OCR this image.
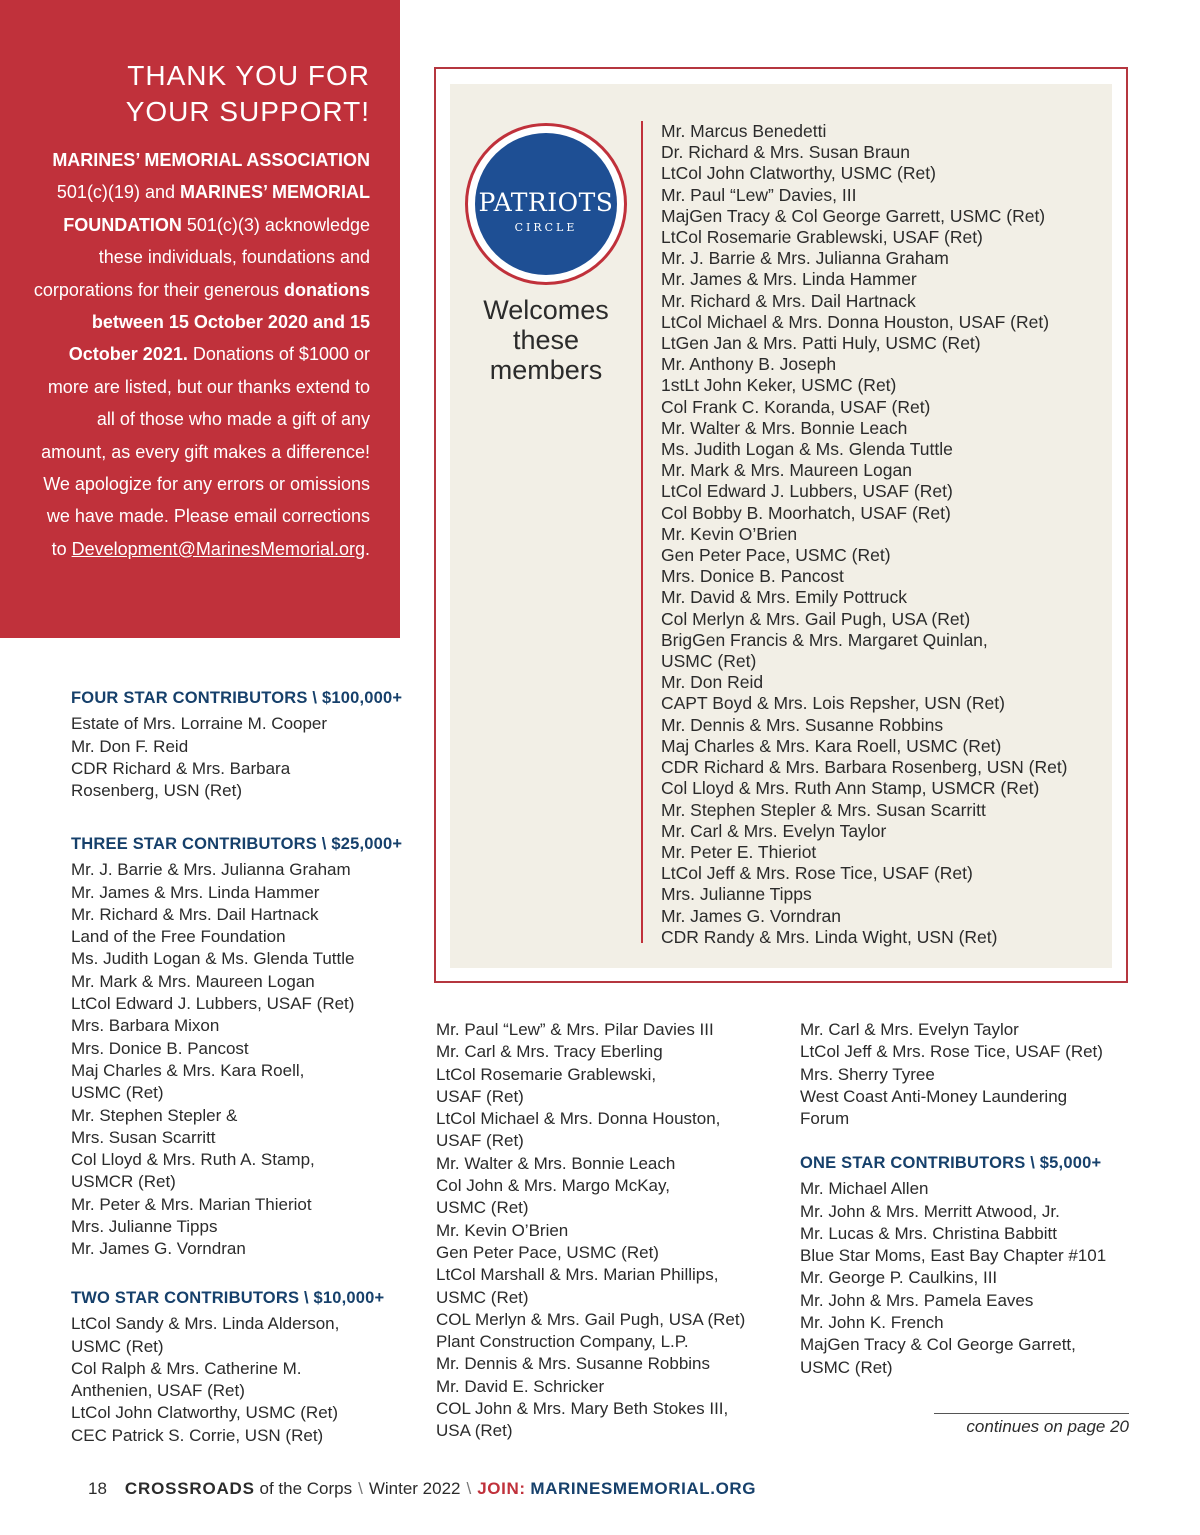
THANK YOU FOR
YOUR SUPPORT!

MARINES’ MEMORIAL ASSOCIATION 501(c)(19) and MARINES’ MEMORIAL FOUNDATION 501(c)(3) acknowledge these individuals, foundations and corporations for their generous donations between 15 October 2020 and 15 October 2021. Donations of $1000 or more are listed, but our thanks extend to all of those who made a gift of any amount, as every gift makes a difference! We apologize for any errors or omissions we have made. Please email corrections to Development@MarinesMemorial.org.

FOUR STAR CONTRIBUTORS \ $100,000+
Estate of Mrs. Lorraine M. Cooper
Mr. Don F. Reid
CDR Richard & Mrs. Barbara
Rosenberg, USN (Ret)
THREE STAR CONTRIBUTORS \ $25,000+
Mr. J. Barrie & Mrs. Julianna Graham
Mr. James & Mrs. Linda Hammer
Mr. Richard & Mrs. Dail Hartnack
Land of the Free Foundation
Ms. Judith Logan & Ms. Glenda Tuttle
Mr. Mark & Mrs. Maureen Logan
LtCol Edward J. Lubbers, USAF (Ret)
Mrs. Barbara Mixon
Mrs. Donice B. Pancost
Maj Charles & Mrs. Kara Roell,
USMC (Ret)
Mr. Stephen Stepler &
Mrs. Susan Scarritt
Col Lloyd & Mrs. Ruth A. Stamp,
USMCR (Ret)
Mr. Peter & Mrs. Marian Thieriot
Mrs. Julianne Tipps
Mr. James G. Vorndran
TWO STAR CONTRIBUTORS \ $10,000+
LtCol Sandy & Mrs. Linda Alderson,
USMC (Ret)
Col Ralph & Mrs. Catherine M.
Anthenien, USAF (Ret)
LtCol John Clatworthy, USMC (Ret)
CEC Patrick S. Corrie, USN (Ret)
Mr. Paul “Lew” & Mrs. Pilar Davies III
Mr. Carl & Mrs. Tracy Eberling
LtCol Rosemarie Grablewski,
USAF (Ret)
LtCol Michael & Mrs. Donna Houston,
USAF (Ret)
Mr. Walter & Mrs. Bonnie Leach
Col John & Mrs. Margo McKay,
USMC (Ret)
Mr. Kevin O’Brien
Gen Peter Pace, USMC (Ret)
LtCol Marshall & Mrs. Marian Phillips,
USMC (Ret)
COL Merlyn & Mrs. Gail Pugh, USA (Ret)
Plant Construction Company, L.P.
Mr. Dennis & Mrs. Susanne Robbins
Mr. David E. Schricker
COL John & Mrs. Mary Beth Stokes III,
USA (Ret)
Mr. Carl & Mrs. Evelyn Taylor
LtCol Jeff & Mrs. Rose Tice, USAF (Ret)
Mrs. Sherry Tyree
West Coast Anti-Money Laundering
Forum
ONE STAR CONTRIBUTORS \ $5,000+
Mr. Michael Allen
Mr. John & Mrs. Merritt Atwood, Jr.
Mr. Lucas & Mrs. Christina Babbitt
Blue Star Moms, East Bay Chapter #101
Mr. George P. Caulkins, III
Mr. John & Mrs. Pamela Eaves
Mr. John K. French
MajGen Tracy & Col George Garrett,
USMC (Ret)
PATRIOTS
CIRCLE
Welcomes
these
members
Mr. Marcus Benedetti
Dr. Richard & Mrs. Susan Braun
LtCol John Clatworthy, USMC (Ret)
Mr. Paul “Lew” Davies, III
MajGen Tracy & Col George Garrett, USMC (Ret)
LtCol Rosemarie Grablewski, USAF (Ret)
Mr. J. Barrie & Mrs. Julianna Graham
Mr. James & Mrs. Linda Hammer
Mr. Richard & Mrs. Dail Hartnack
LtCol Michael & Mrs. Donna Houston, USAF (Ret)
LtGen Jan & Mrs. Patti Huly, USMC (Ret)
Mr. Anthony B. Joseph
1stLt John Keker, USMC (Ret)
Col Frank C. Koranda, USAF (Ret)
Mr. Walter & Mrs. Bonnie Leach
Ms. Judith Logan & Ms. Glenda Tuttle
Mr. Mark & Mrs. Maureen Logan
LtCol Edward J. Lubbers, USAF (Ret)
Col Bobby B. Moorhatch, USAF (Ret)
Mr. Kevin O’Brien
Gen Peter Pace, USMC (Ret)
Mrs. Donice B. Pancost
Mr. David & Mrs. Emily Pottruck
Col Merlyn & Mrs. Gail Pugh, USA (Ret)
BrigGen Francis & Mrs. Margaret Quinlan,
USMC (Ret)
Mr. Don Reid
CAPT Boyd & Mrs. Lois Repsher, USN (Ret)
Mr. Dennis & Mrs. Susanne Robbins
Maj Charles & Mrs. Kara Roell, USMC (Ret)
CDR Richard & Mrs. Barbara Rosenberg, USN (Ret)
Col Lloyd & Mrs. Ruth Ann Stamp, USMCR (Ret)
Mr. Stephen Stepler & Mrs. Susan Scarritt
Mr. Carl & Mrs. Evelyn Taylor
Mr. Peter E. Thieriot
LtCol Jeff & Mrs. Rose Tice, USAF (Ret)
Mrs. Julianne Tipps
Mr. James G. Vorndran
CDR Randy & Mrs. Linda Wight, USN (Ret)
continues on page 20
18 CROSSROADS of the Corps \ Winter 2022 \ JOIN: MARINESMEMORIAL.ORG
